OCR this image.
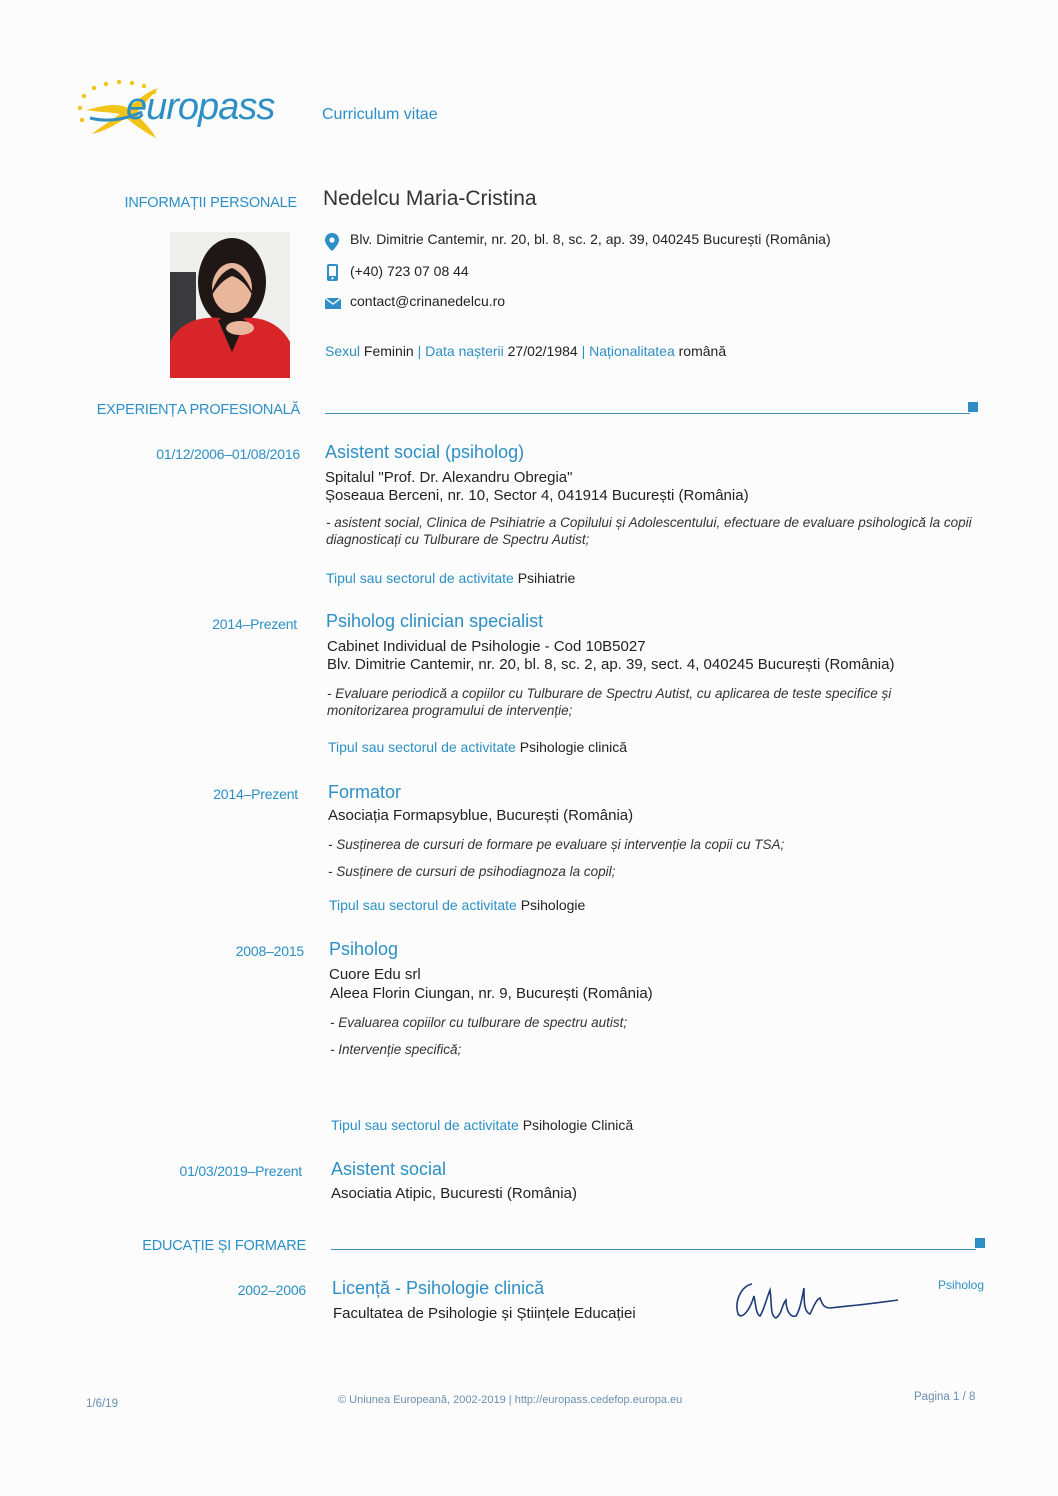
europass	Curriculum vitae
INFORMAȚII PERSONALE Nedelcu Maria-Cristina
Blv. Dimitrie Cantemir, nr. 20, bl. 8, sc. 2, ap. 39, 040245 București (România)
(+40) 723 07 08 44
contact@crinanedelcu.ro
Sexul Feminin | Data nașterii 27/02/1984 | Naționalitatea română
EXPERIENȚA PROFESIONALĂ
01/12/2006–01/08/2016 Asistent social (psiholog)
Spitalul "Prof. Dr. Alexandru Obregia"
Șoseaua Berceni, nr. 10, Sector 4, 041914 București (România)
- asistent social, Clinica de Psihiatrie a Copilului și Adolescentului, efectuare de evaluare psihologică la copii diagnosticați cu Tulburare de Spectru Autist;
Tipul sau sectorul de activitate Psihiatrie
2014–Prezent Psiholog clinician specialist
Cabinet Individual de Psihologie - Cod 10B5027
Blv. Dimitrie Cantemir, nr. 20, bl. 8, sc. 2, ap. 39, sect. 4, 040245 București (România)
- Evaluare periodică a copiilor cu Tulburare de Spectru Autist, cu aplicarea de teste specifice și monitorizarea programului de intervenție;
Tipul sau sectorul de activitate Psihologie clinică
2014–Prezent Formator
Asociația Formapsyblue, București (România)
- Susținerea de cursuri de formare pe evaluare și intervenție la copii cu TSA;
- Susținere de cursuri de psihodiagnoza la copil;
Tipul sau sectorul de activitate Psihologie
2008–2015 Psiholog
Cuore Edu srl
Aleea Florin Ciungan, nr. 9, București (România)
- Evaluarea copiilor cu tulburare de spectru autist;
- Intervenție specifică;
Tipul sau sectorul de activitate Psihologie Clinică
01/03/2019–Prezent Asistent social
Asociatia Atipic, Bucuresti (România)
EDUCAȚIE ȘI FORMARE
2002–2006 Licență - Psihologie clinică
Facultatea de Psihologie și Științele Educației
Psiholog
1/6/19	© Uniunea Europeană, 2002-2019 | http://europass.cedefop.europa.eu	Pagina 1 / 8
